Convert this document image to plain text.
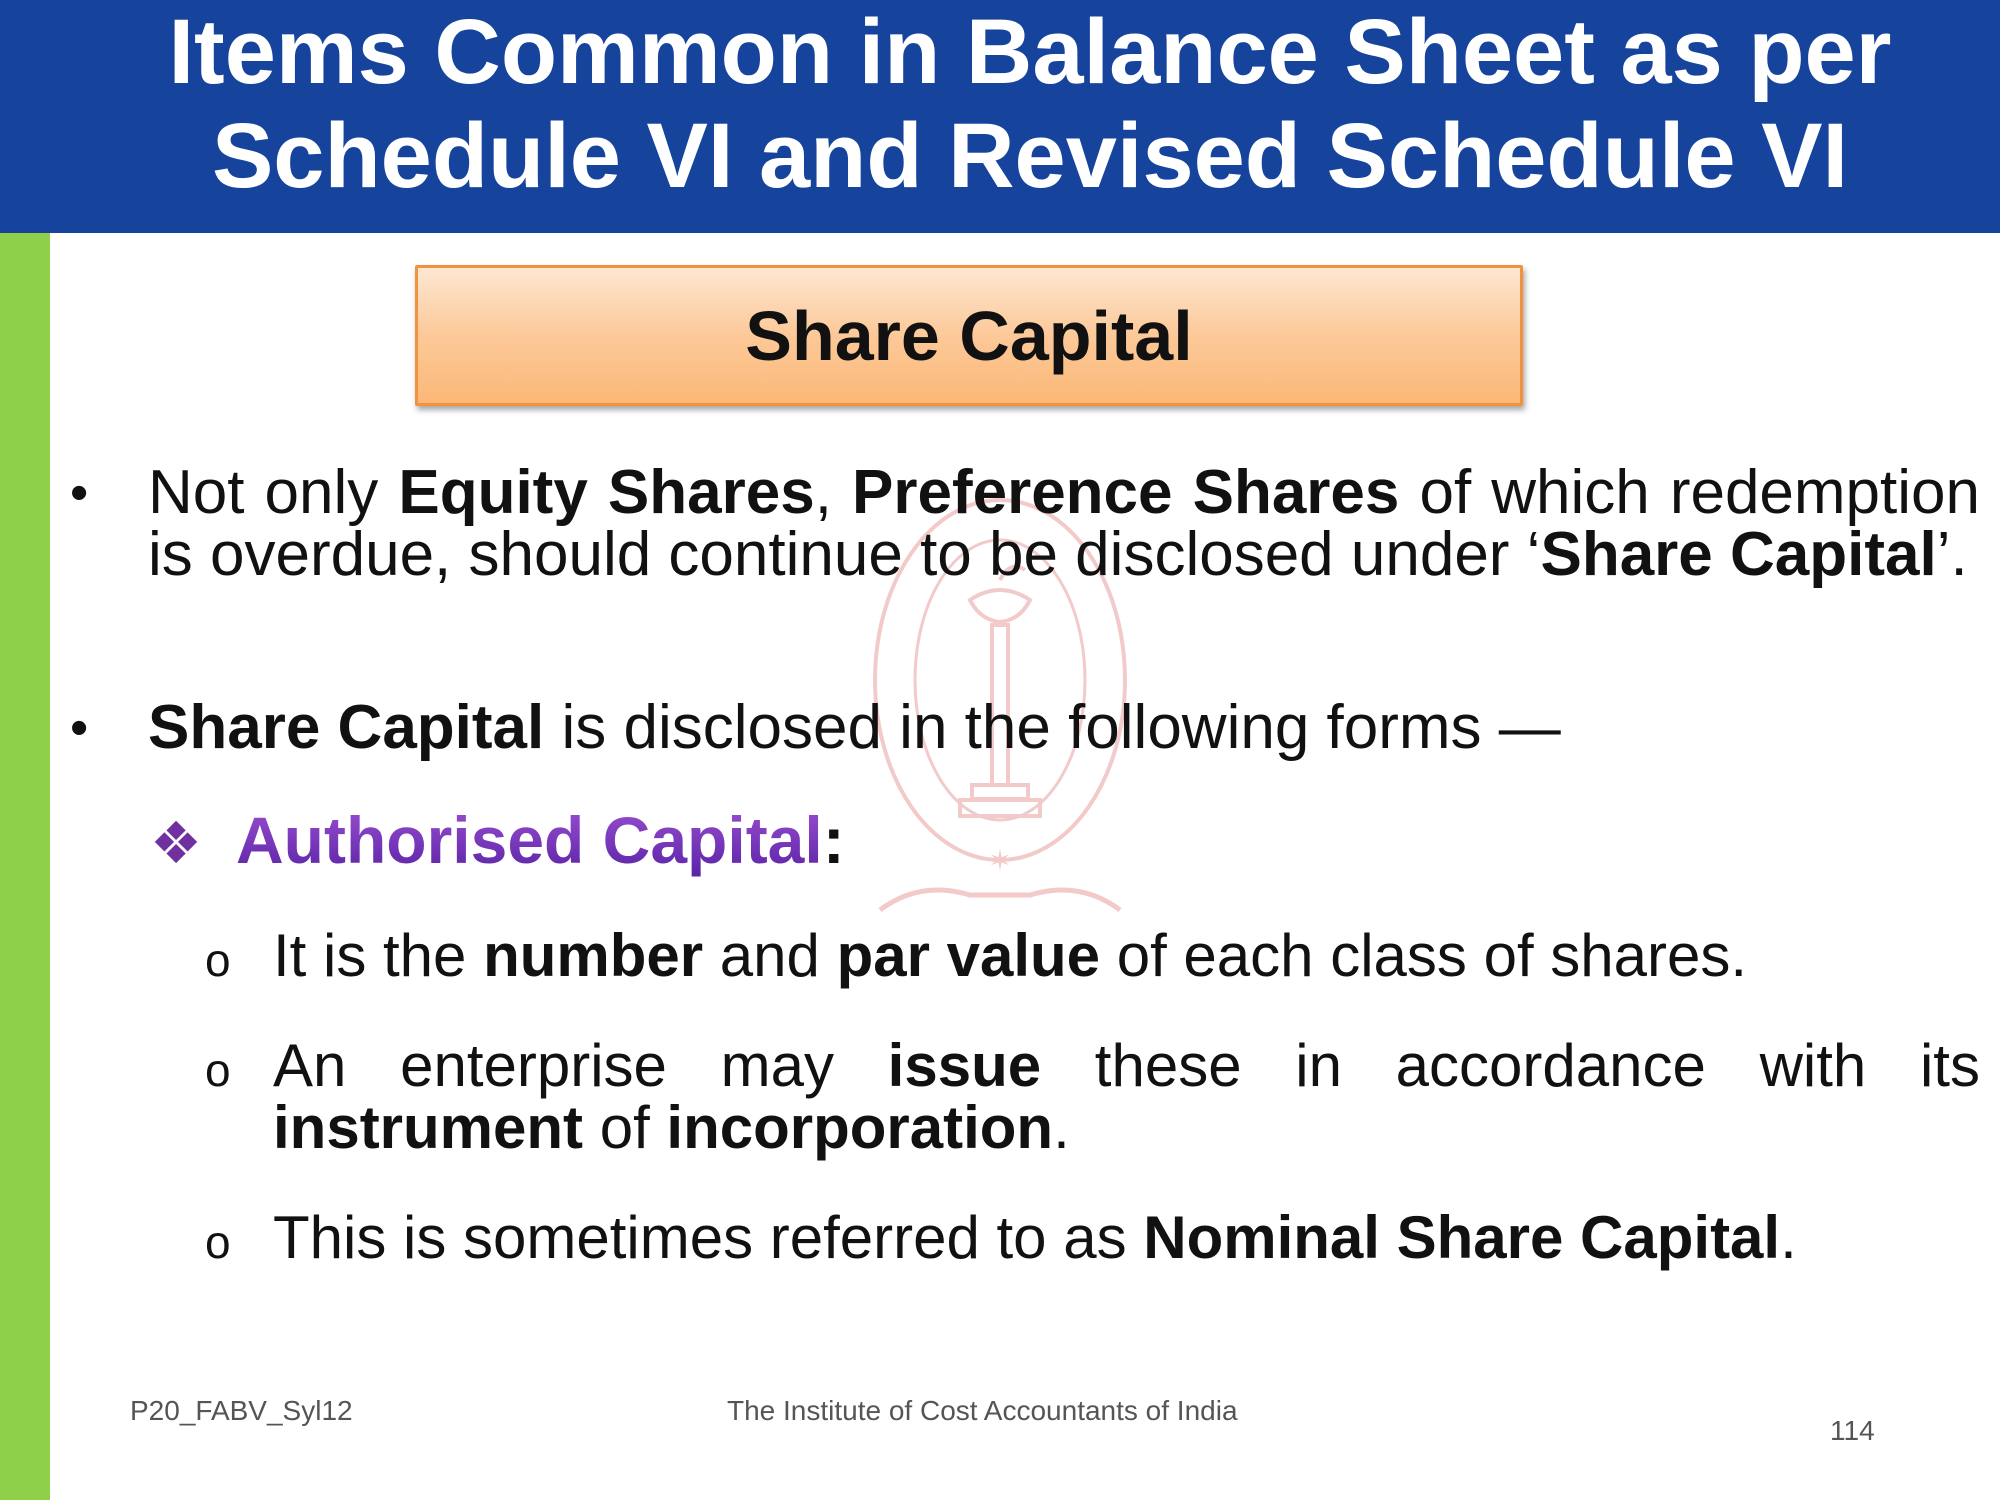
Items Common in Balance Sheet as per
Schedule VI and Revised Schedule VI
Share Capital
✶
• Not only Equity Shares, Preference Shares of which redemption is overdue, should continue to be disclosed under ‘Share Capital’.
• Share Capital is disclosed in the following forms —
❖ Authorised Capital:
o It is the number and par value of each class of shares.
o An enterprise may issue these in accordance with its instrument of incorporation.
o This is sometimes referred to as Nominal Share Capital.
P20_FABV_Syl12	The Institute of Cost Accountants of India
114
